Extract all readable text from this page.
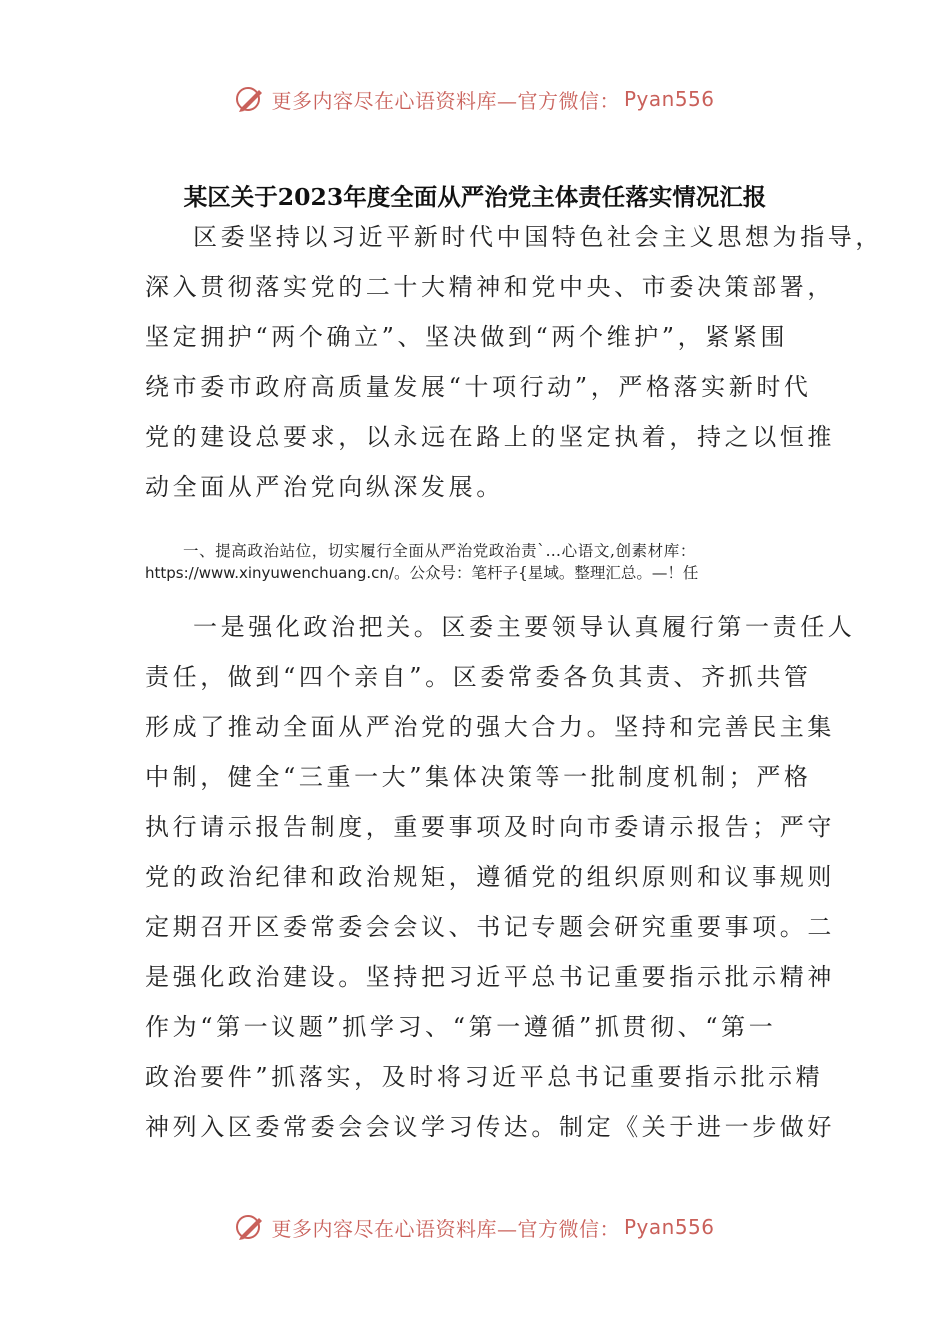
更多内容尽在心语资料库—官方微信： Pyan556
某区关于2023年度全面从严治党主体责任落实情况汇报
区委坚持以习近平新时代中国特色社会主义思想为指导，
深入贯彻落实党的二十大精神和党中央、市委决策部署，
坚定拥护“两个确立”、坚决做到“两个维护”，紧紧围
绕市委市政府高质量发展“十项行动”，严格落实新时代
党的建设总要求，以永远在路上的坚定执着，持之以恒推
动全面从严治党向纵深发展。
一、提高政治站位，切实履行全面从严治党政治责`…心语文,创素材库：
https://www.xinyuwenchuang.cn/。公众号：笔杆子{星域。整理汇总。—！任
一是强化政治把关。区委主要领导认真履行第一责任人
责任，做到“四个亲自”。区委常委各负其责、齐抓共管
形成了推动全面从严治党的强大合力。坚持和完善民主集
中制，健全“三重一大”集体决策等一批制度机制；严格
执行请示报告制度，重要事项及时向市委请示报告；严守
党的政治纪律和政治规矩，遵循党的组织原则和议事规则
定期召开区委常委会会议、书记专题会研究重要事项。二
是强化政治建设。坚持把习近平总书记重要指示批示精神
作为“第一议题”抓学习、“第一遵循”抓贯彻、“第一
政治要件”抓落实，及时将习近平总书记重要指示批示精
神列入区委常委会会议学习传达。制定《关于进一步做好
更多内容尽在心语资料库—官方微信： Pyan556
